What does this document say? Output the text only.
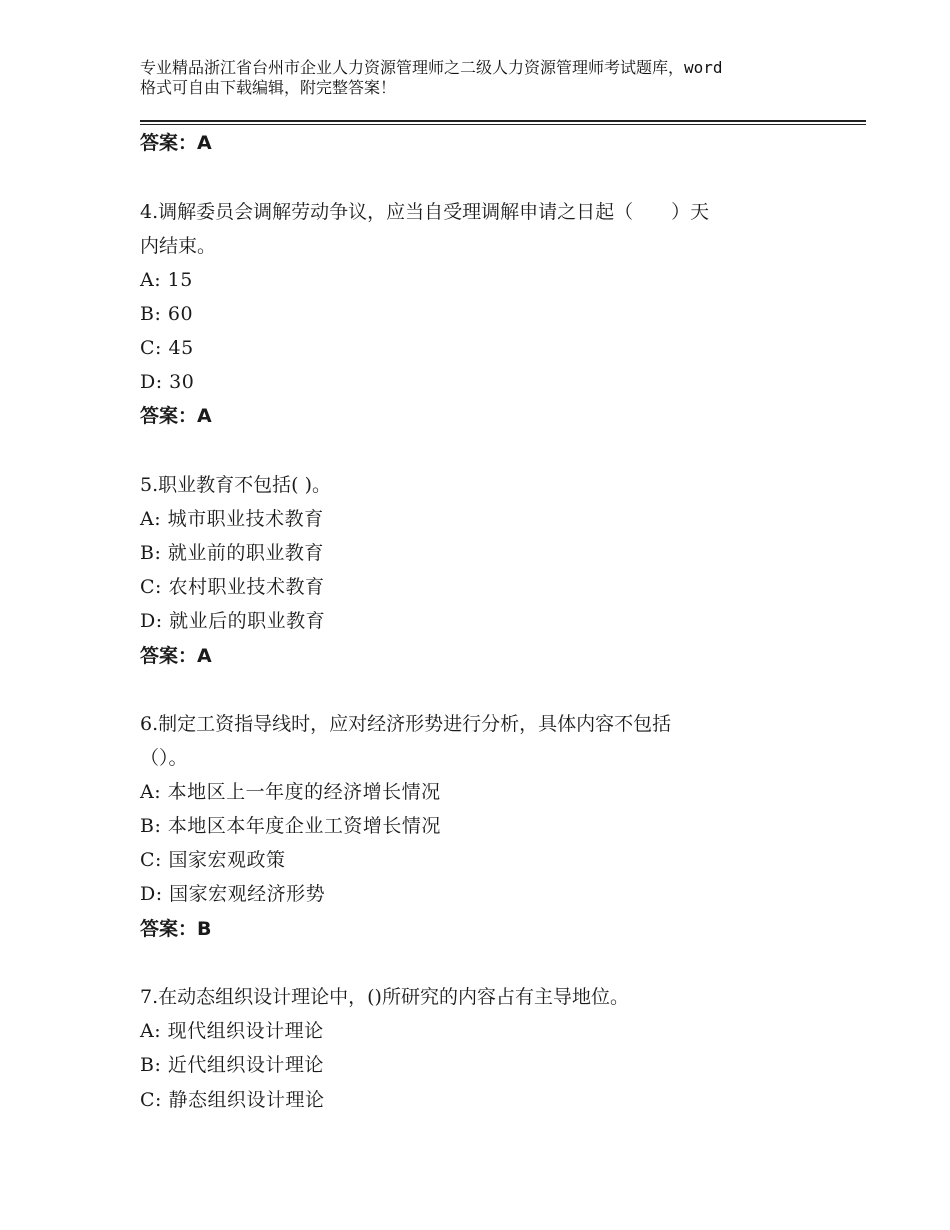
专业精品浙江省台州市企业人力资源管理师之二级人力资源管理师考试题库，word
格式可自由下载编辑，附完整答案！
答案：A
4.调解委员会调解劳动争议，应当自受理调解申请之日起（　　）天
内结束。
A: 15
B: 60
C: 45
D: 30
答案：A
5.职业教育不包括( )。
A: 城市职业技术教育
B: 就业前的职业教育
C: 农村职业技术教育
D: 就业后的职业教育
答案：A
6.制定工资指导线时，应对经济形势进行分析，具体内容不包括
（）。
A: 本地区上一年度的经济增长情况
B: 本地区本年度企业工资增长情况
C: 国家宏观政策
D: 国家宏观经济形势
答案：B
7.在动态组织设计理论中，()所研究的内容占有主导地位。
A: 现代组织设计理论
B: 近代组织设计理论
C: 静态组织设计理论
